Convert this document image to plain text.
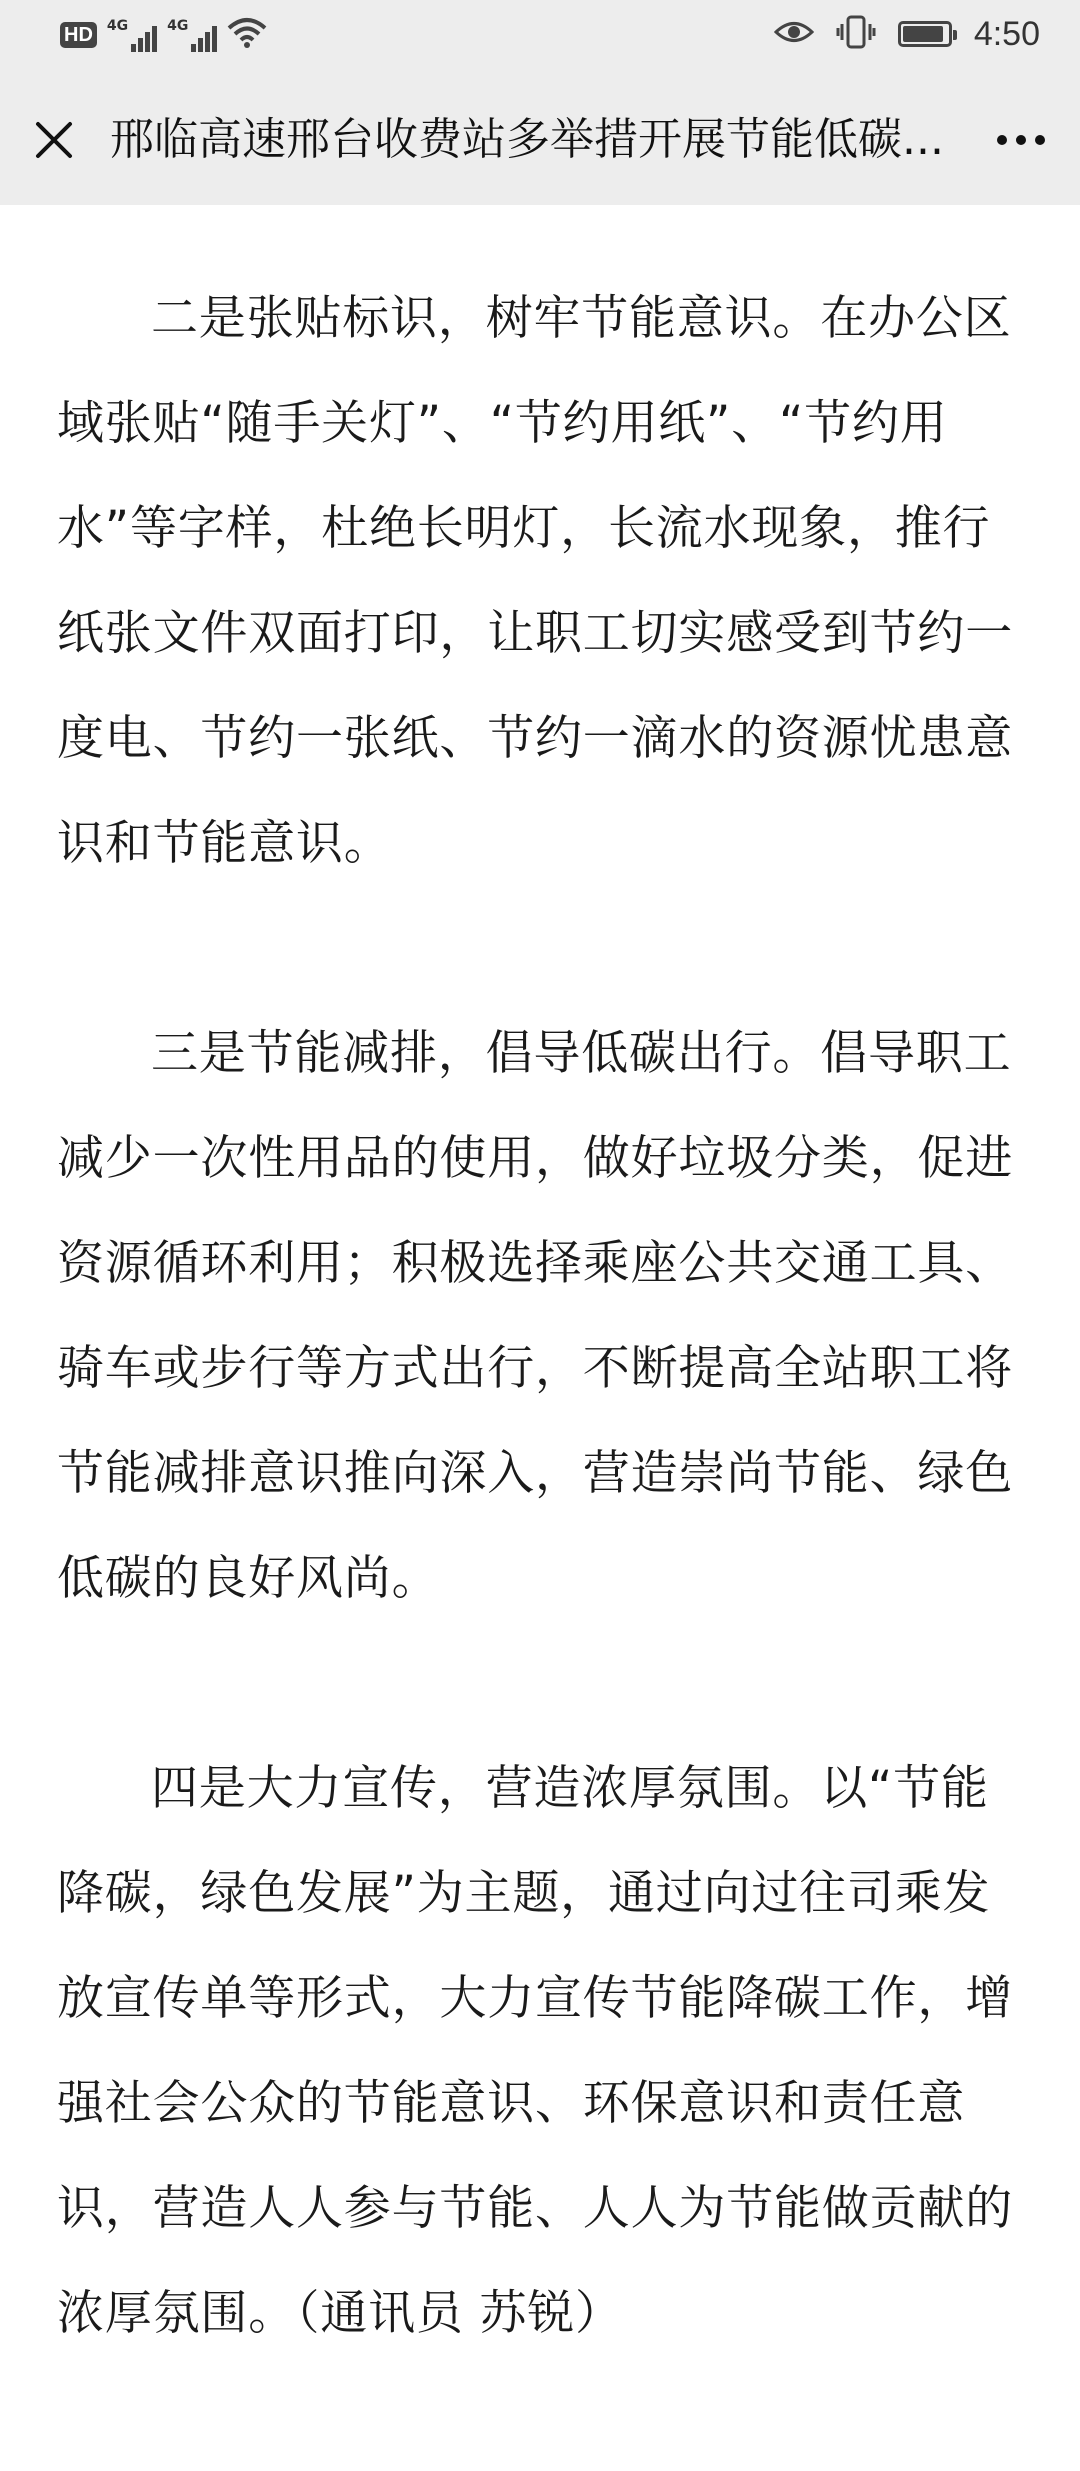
HD 4G	4G	4:50
邢临高速邢台收费站多举措开展节能低碳...

二是张贴标识，树牢节能意识。在办公区域张贴“随手关灯”、“节约用纸”、“节约用水”等字样，杜绝长明灯，长流水现象，推行纸张文件双面打印，让职工切实感受到节约一度电、节约一张纸、节约一滴水的资源忧患意识和节能意识。

三是节能减排，倡导低碳出行。倡导职工减少一次性用品的使用，做好垃圾分类，促进资源循环利用；积极选择乘座公共交通工具、骑车或步行等方式出行，不断提高全站职工将节能减排意识推向深入，营造崇尚节能、绿色低碳的良好风尚。

四是大力宣传，营造浓厚氛围。以“节能降碳，绿色发展”为主题，通过向过往司乘发放宣传单等形式，大力宣传节能降碳工作，增强社会公众的节能意识、环保意识和责任意识，营造人人参与节能、人人为节能做贡献的浓厚氛围。（通讯员 苏锐）
